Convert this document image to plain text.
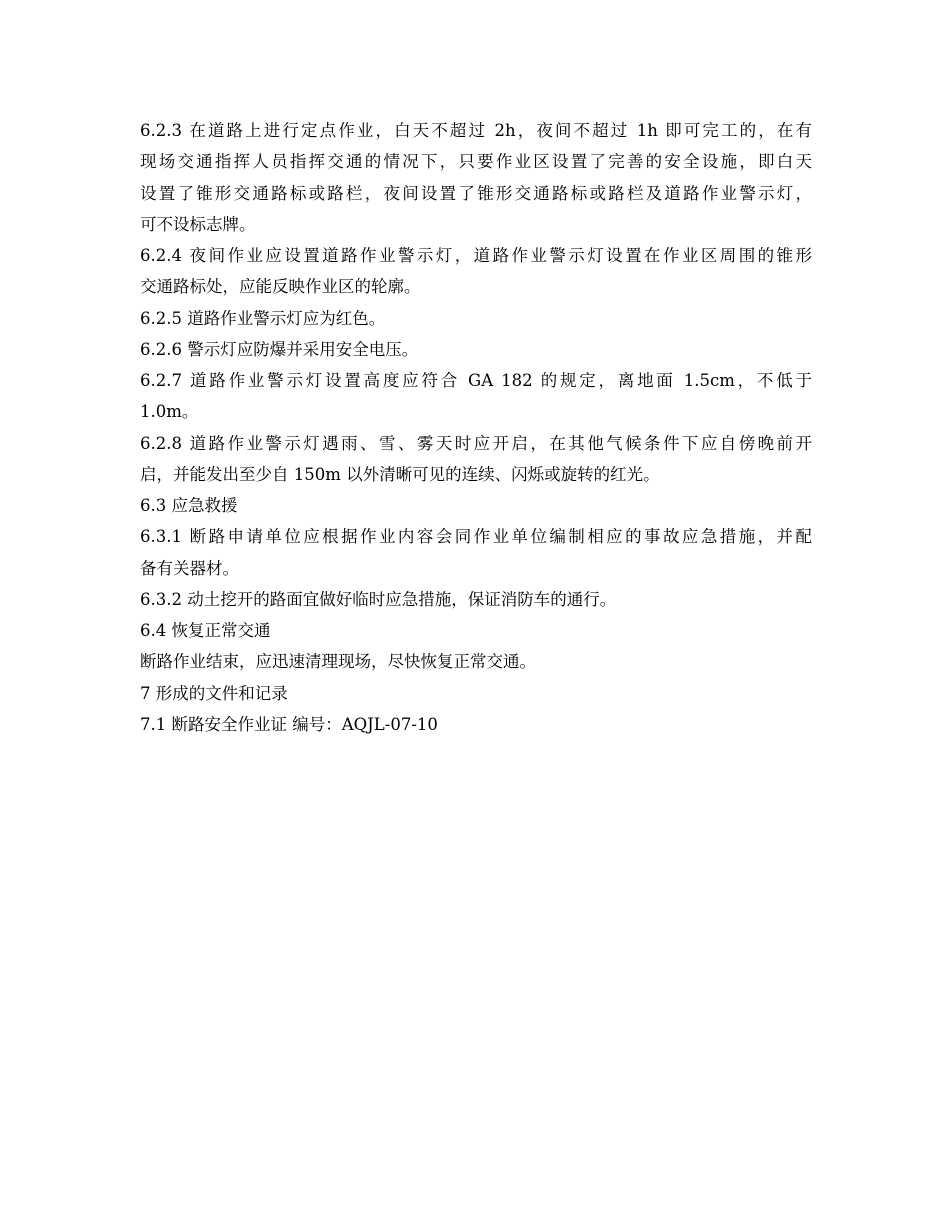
6.2.3 在道路上进行定点作业，白天不超过 2h，夜间不超过 1h 即可完工的，在有
现场交通指挥人员指挥交通的情况下，只要作业区设置了完善的安全设施，即白天
设置了锥形交通路标或路栏，夜间设置了锥形交通路标或路栏及道路作业警示灯，
可不设标志牌。
6.2.4 夜间作业应设置道路作业警示灯，道路作业警示灯设置在作业区周围的锥形
交通路标处，应能反映作业区的轮廓。
6.2.5 道路作业警示灯应为红色。
6.2.6 警示灯应防爆并采用安全电压。
6.2.7 道路作业警示灯设置高度应符合 GA 182 的规定，离地面 1.5cm，不低于
1.0m。
6.2.8 道路作业警示灯遇雨、雪、雾天时应开启，在其他气候条件下应自傍晚前开
启，并能发出至少自 150m 以外清晰可见的连续、闪烁或旋转的红光。
6.3 应急救援
6.3.1 断路申请单位应根据作业内容会同作业单位编制相应的事故应急措施，并配
备有关器材。
6.3.2 动土挖开的路面宜做好临时应急措施，保证消防车的通行。
6.4 恢复正常交通
断路作业结束，应迅速清理现场，尽快恢复正常交通。
7 形成的文件和记录
7.1 断路安全作业证 编号：AQJL-07-10
